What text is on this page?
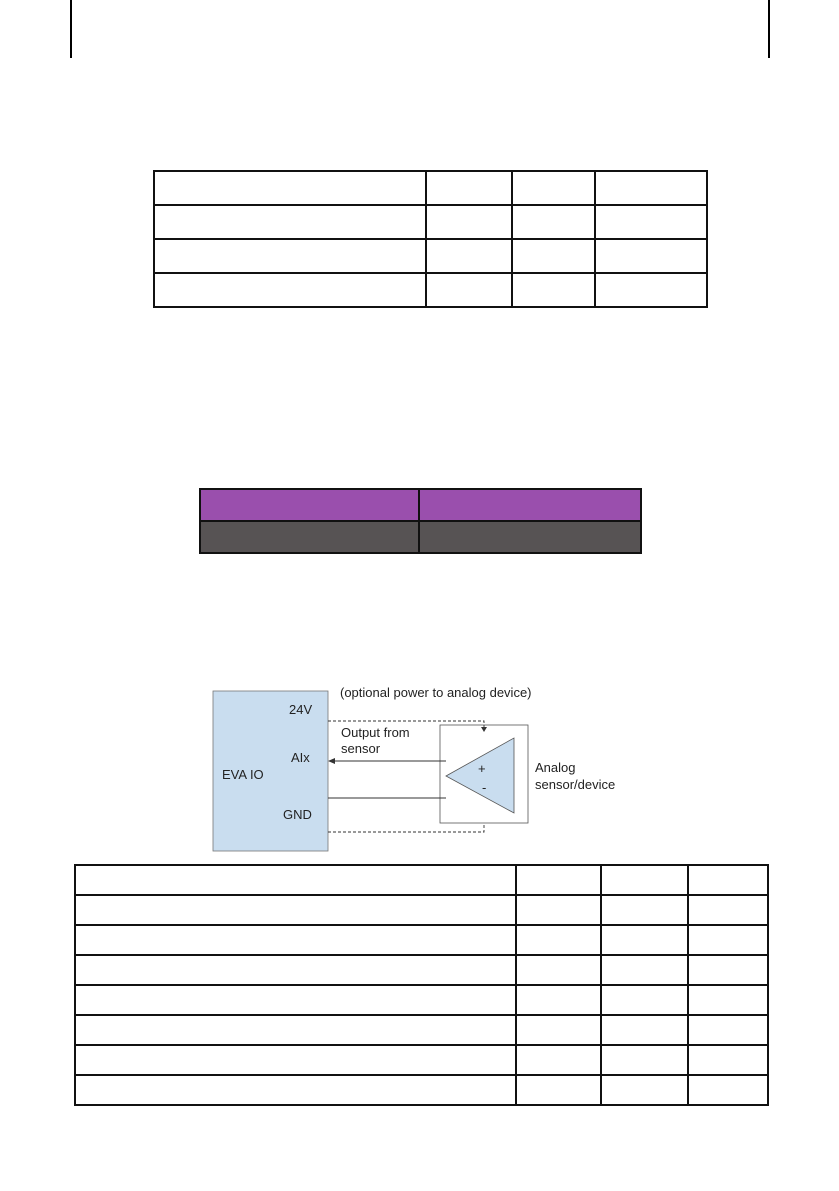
EVA IO
24V
AIx
GND
(optional power to analog device)
Output from
sensor
Analog
sensor/device
+
-
